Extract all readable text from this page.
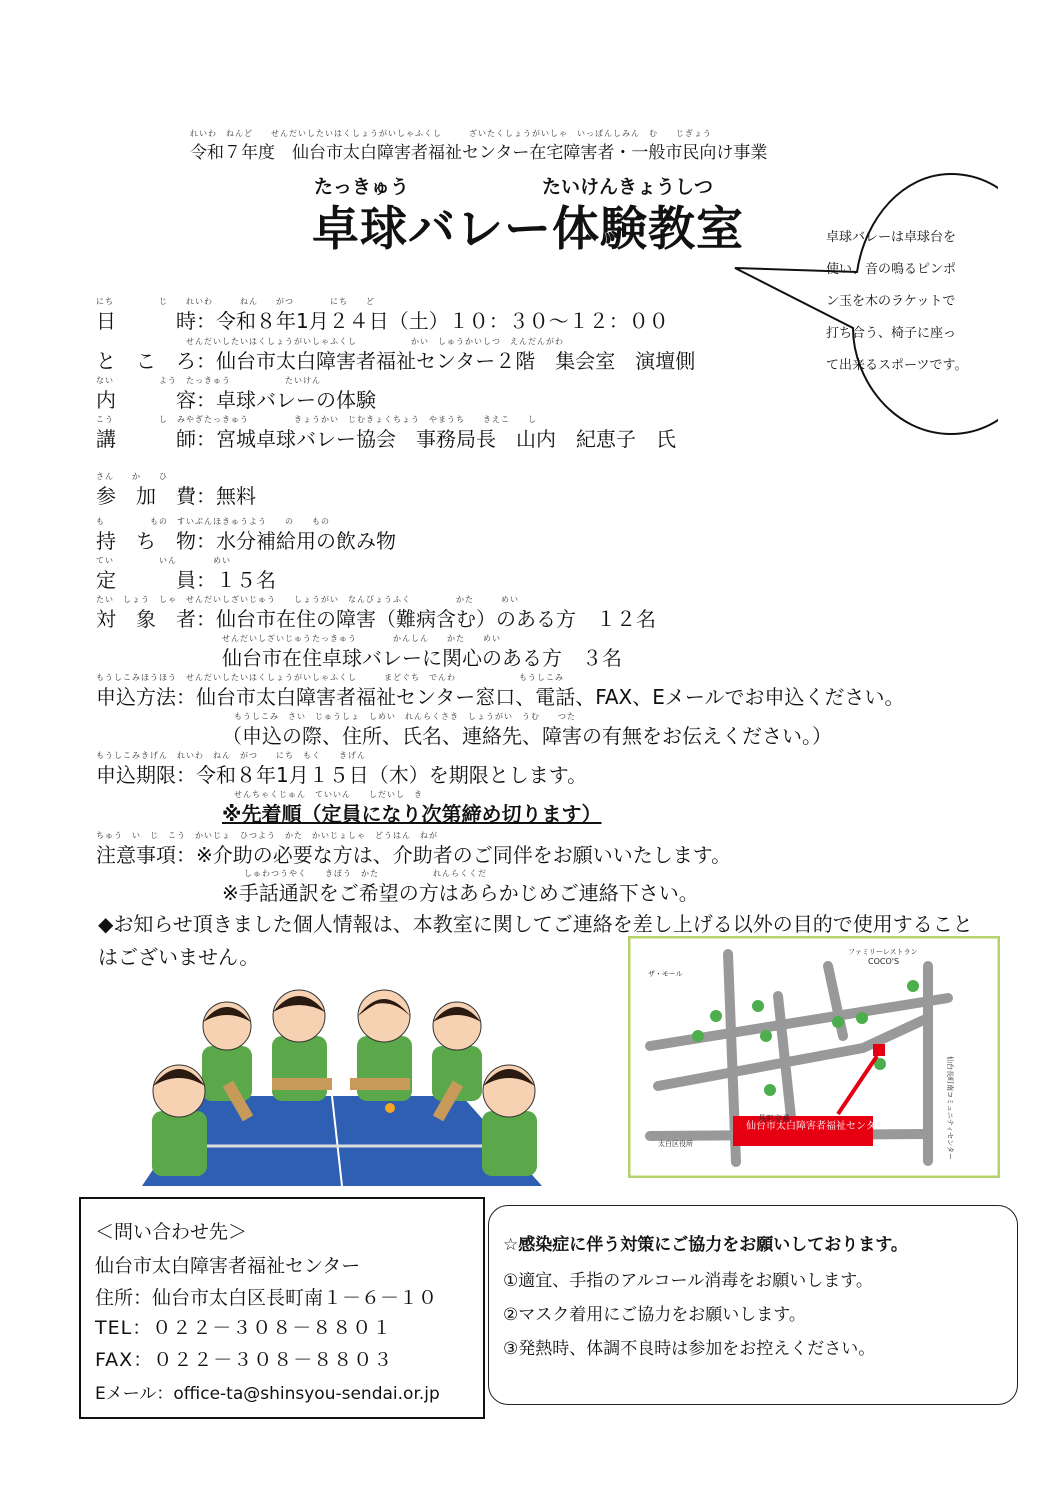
れいわ　ねんど　　せんだいしたいはくしょうがいしゃふくし　　　ざいたくしょうがいしゃ　いっぱんしみん　む　　じぎょう
令和７年度　仙台市太白障害者福祉センター在宅障害者・一般市民向け事業
たっきゅう　　　　　　　たいけんきょうしつ
卓球バレー体験教室	卓球バレーは卓球台を使い、音の鳴るピンポン玉を木のラケットで打ち合う、椅子に座って出来るスポーツです。
日　　　時：令和８年1月２４日（土）１０：３０～１２：００
にち　　　　　じ　　れいわ　　　ねん　　がつ　　　　にち　　ど
と　こ　ろ：仙台市太白障害者福祉センター２階　集会室　演壇側
　　　　　　　　　　せんだいしたいはくしょうがいしゃふくし　　　　　　かい　しゅうかいしつ　えんだんがわ
内　　　容：卓球バレーの体験
ない　　　　　よう　たっきゅう　　　　　　たいけん
講　　　師：宮城卓球バレー協会　事務局長　山内　紀恵子　氏
こう　　　　　し　みやぎたっきゅう　　　　　きょうかい　じむきょくちょう　やまうち　　きえこ　　し
参　加　費：無料
さん　　か　　ひ
持　ち　物：水分補給用の飲み物
も　　　　　もの　すいぶんほきゅうよう　　の　　もの
定　　　員：１５名
てい　　　　　いん　　　　めい
対　象　者：仙台市在住の障害（難病含む）のある方　１２名
たい　しょう　しゃ　せんだいしざいじゅう　　しょうがい　なんびょうふく　　　　　かた　　　めい
仙台市在住卓球バレーに関心のある方　３名
せんだいしざいじゅうたっきゅう　　　　かんしん　　かた　　めい
申込方法：仙台市太白障害者福祉センター窓口、電話、FAX、Eメールでお申込ください。
もうしこみほうほう　せんだいしたいはくしょうがいしゃふくし　　　まどぐち　でんわ　　　　　　　もうしこみ
（申込の際、住所、氏名、連絡先、障害の有無をお伝えください。）
もうしこみ　さい　じゅうしょ　しめい　れんらくさき　しょうがい　うむ　　つた
申込期限：令和８年1月１５日（木）を期限とします。
もうしこみきげん　れいわ　ねん　がつ　　にち　もく　　きげん
※先着順（定員になり次第締め切ります）
せんちゃくじゅん　ていいん　　しだいし　き
注意事項：※介助の必要な方は、介助者のご同伴をお願いいたします。
ちゅう　い　じ　こう　かいじょ　ひつよう　かた　かいじょしゃ　どうはん　ねが
※手話通訳をご希望の方はあらかじめご連絡下さい。
しゅわつうやく　　きぼう　かた　　　　　　れんらくくだ
◆お知らせ頂きました個人情報は、本教室に関してご連絡を差し上げる以外の目的で使用することはございません。
仙台市太白障害者福祉センター
COCO'S
ファミリーレストラン
長町交番
太白区役所
ザ・モール
仙台長町南コミュニティセンター
＜問い合わせ先＞
仙台市太白障害者福祉センター
住所：仙台市太白区長町南１－６－１０
TEL：０２２－３０８－８８０１
FAX：０２２－３０８－８８０３
Eメール：office-ta@shinsyou-sendai.or.jp
☆感染症に伴う対策にご協力をお願いしております。
①適宜、手指のアルコール消毒をお願いします。
②マスク着用にご協力をお願いします。
③発熱時、体調不良時は参加をお控えください。
